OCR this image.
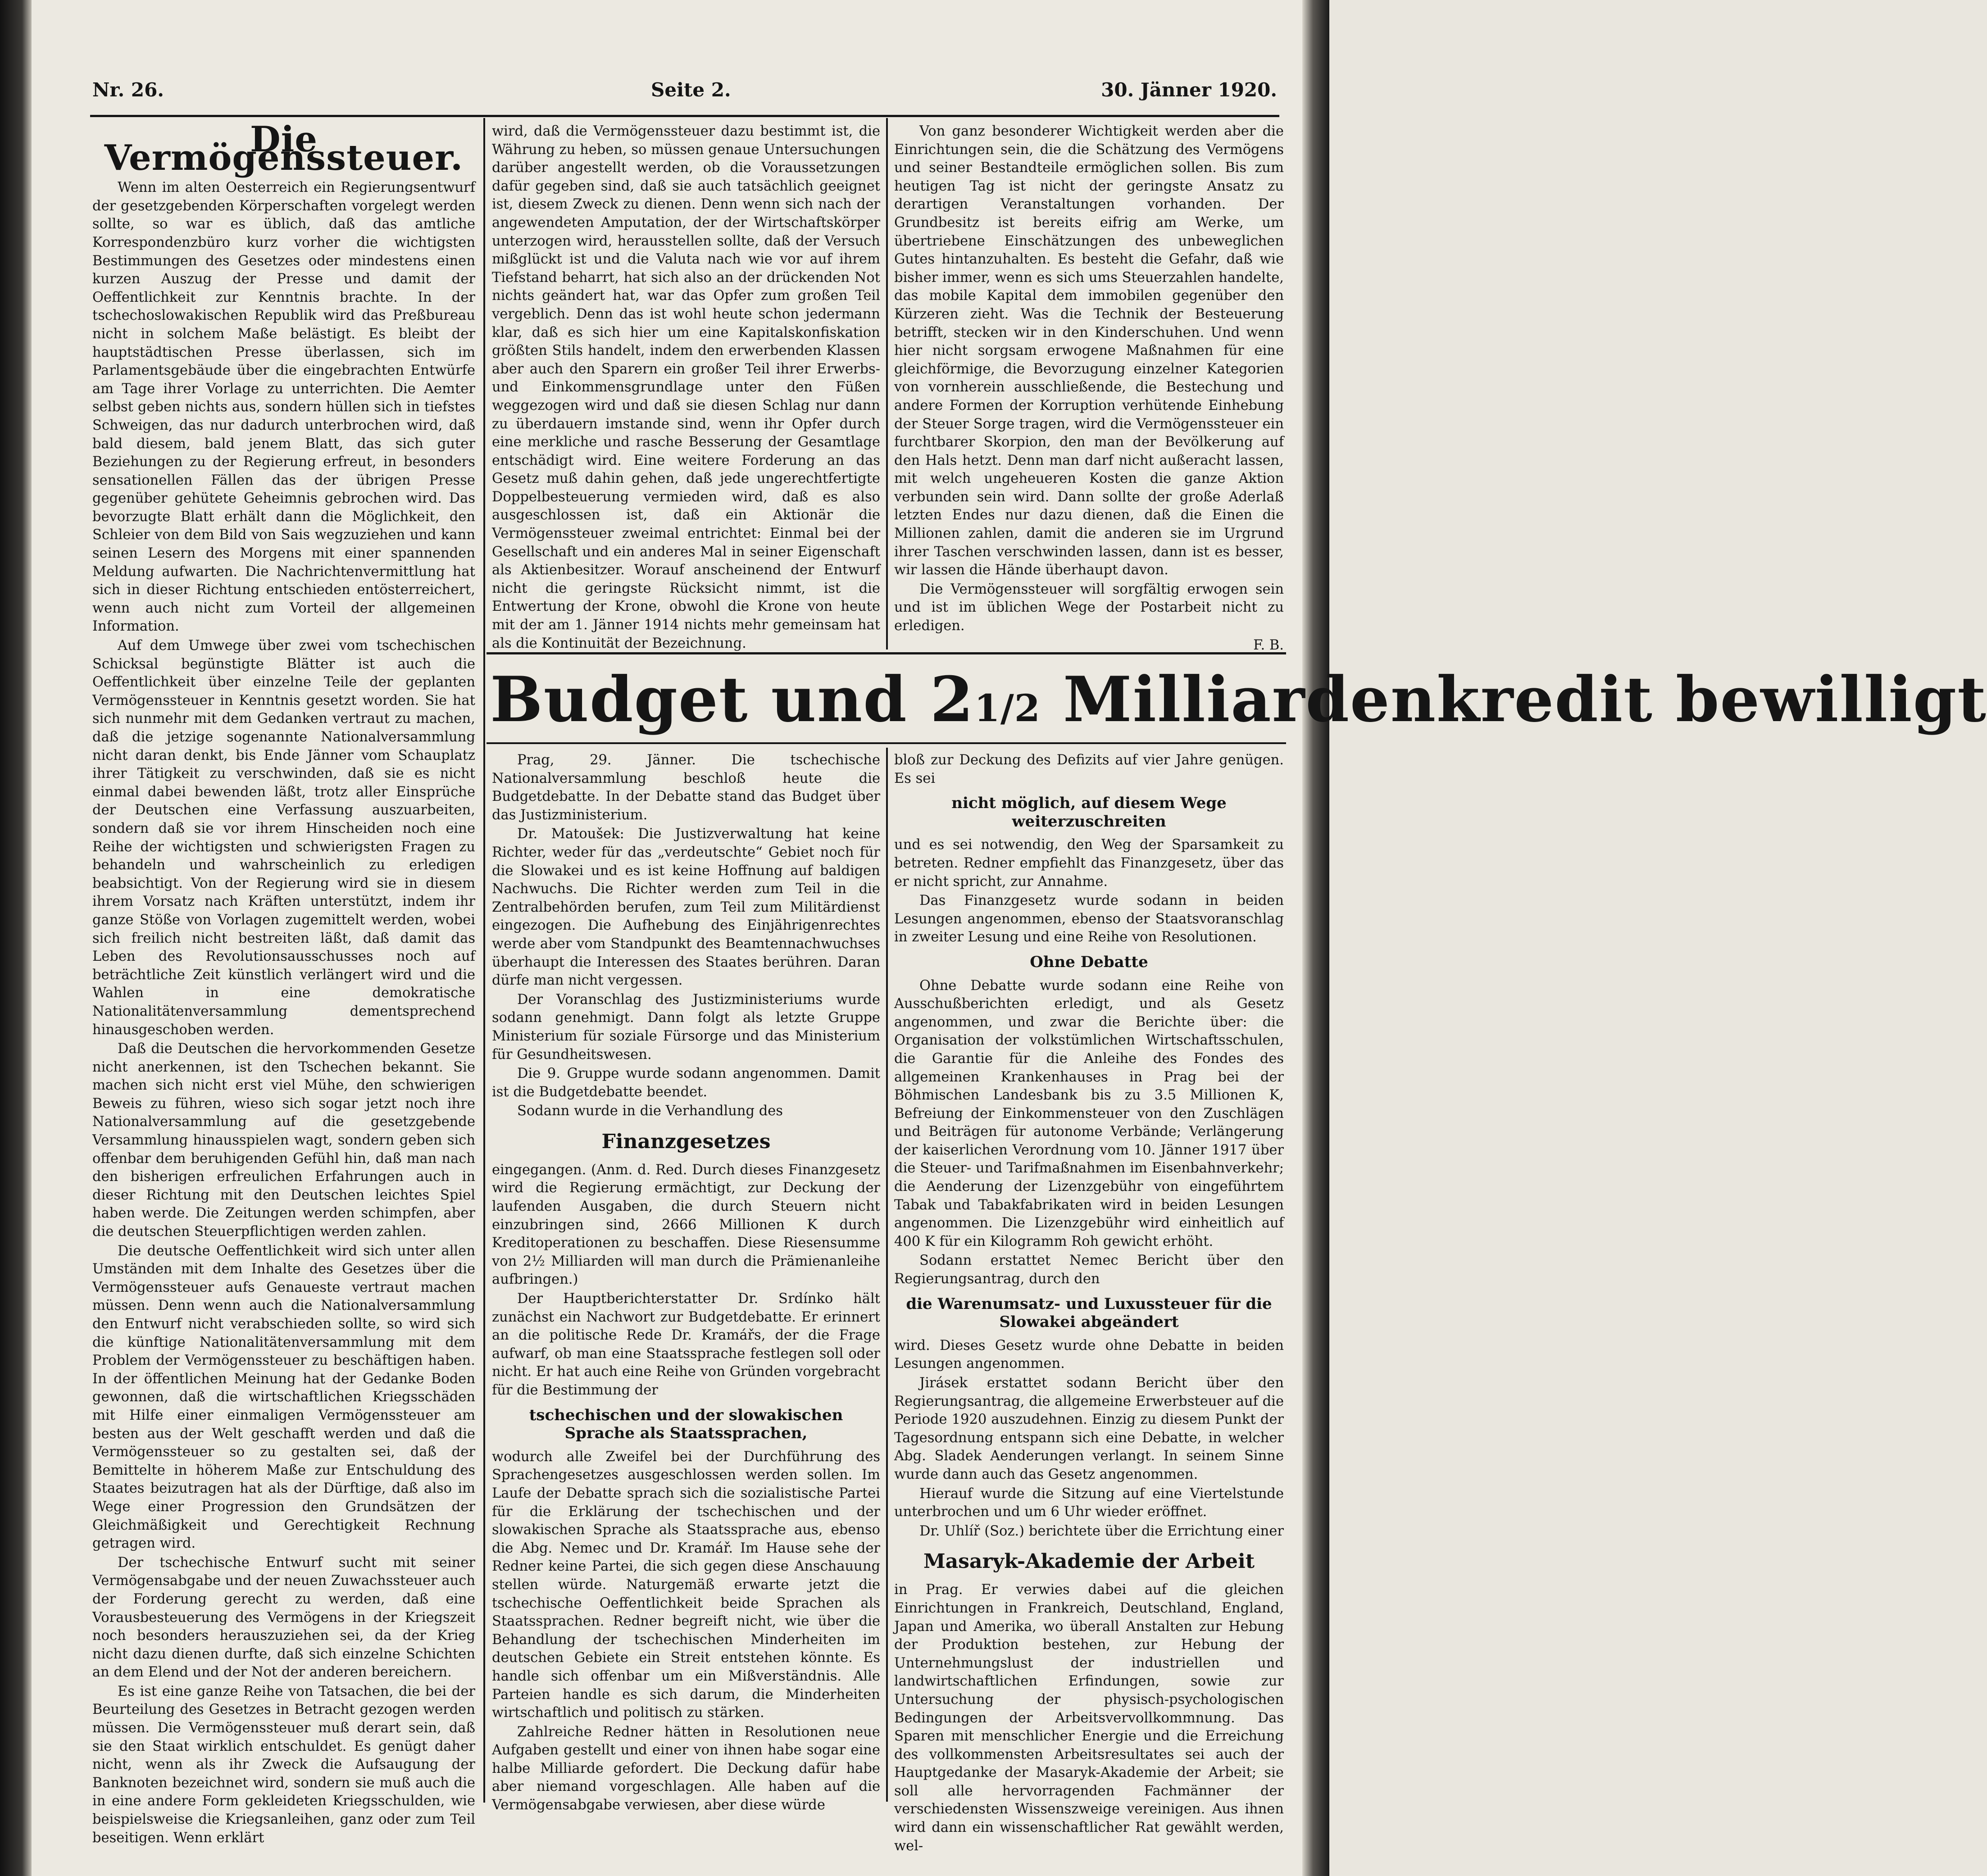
Nr. 26.	Seite 2.	30. Jänner 1920.
Die Vermögenssteuer.

Wenn im alten Oesterreich ein Regierungsentwurf der gesetzgebenden Körperschaften vorgelegt werden sollte, so war es üblich, daß das amtliche Korrespondenzbüro kurz vorher die wichtigsten Bestimmungen des Gesetzes oder mindestens einen kurzen Auszug der Presse und damit der Oeffentlichkeit zur Kenntnis brachte. In der tschechoslowakischen Republik wird das Preßbureau nicht in solchem Maße belästigt. Es bleibt der hauptstädtischen Presse überlassen, sich im Parlamentsgebäude über die eingebrachten Entwürfe am Tage ihrer Vorlage zu unterrichten. Die Aemter selbst geben nichts aus, sondern hüllen sich in tiefstes Schweigen, das nur dadurch unterbrochen wird, daß bald diesem, bald jenem Blatt, das sich guter Beziehungen zu der Regierung erfreut, in besonders sensationellen Fällen das der übrigen Presse gegenüber gehütete Geheimnis gebrochen wird. Das bevorzugte Blatt erhält dann die Möglichkeit, den Schleier von dem Bild von Sais wegzuziehen und kann seinen Lesern des Morgens mit einer spannenden Meldung aufwarten. Die Nachrichtenvermittlung hat sich in dieser Richtung entschieden entösterreichert, wenn auch nicht zum Vorteil der allgemeinen Information.

Auf dem Umwege über zwei vom tschechischen Schicksal begünstigte Blätter ist auch die Oeffentlichkeit über einzelne Teile der geplanten Vermögenssteuer in Kenntnis gesetzt worden. Sie hat sich nunmehr mit dem Gedanken vertraut zu machen, daß die jetzige sogenannte Nationalversammlung nicht daran denkt, bis Ende Jänner vom Schauplatz ihrer Tätigkeit zu verschwinden, daß sie es nicht einmal dabei bewenden läßt, trotz aller Einsprüche der Deutschen eine Verfassung auszuarbeiten, sondern daß sie vor ihrem Hinscheiden noch eine Reihe der wichtigsten und schwierigsten Fragen zu behandeln und wahrscheinlich zu erledigen beabsichtigt. Von der Regierung wird sie in diesem ihrem Vorsatz nach Kräften unterstützt, indem ihr ganze Stöße von Vorlagen zugemittelt werden, wobei sich freilich nicht bestreiten läßt, daß damit das Leben des Revolutionsausschusses noch auf beträchtliche Zeit künstlich verlängert wird und die Wahlen in eine demokratische Nationalitätenversammlung dementsprechend hinausgeschoben werden.

Daß die Deutschen die hervorkommenden Gesetze nicht anerkennen, ist den Tschechen bekannt. Sie machen sich nicht erst viel Mühe, den schwierigen Beweis zu führen, wieso sich sogar jetzt noch ihre Nationalversammlung auf die gesetzgebende Versammlung hinausspielen wagt, sondern geben sich offenbar dem beruhigenden Gefühl hin, daß man nach den bisherigen erfreulichen Erfahrungen auch in dieser Richtung mit den Deutschen leichtes Spiel haben werde. Die Zeitungen werden schimpfen, aber die deutschen Steuerpflichtigen werden zahlen.

Die deutsche Oeffentlichkeit wird sich unter allen Umständen mit dem Inhalte des Gesetzes über die Vermögenssteuer aufs Genaueste vertraut machen müssen. Denn wenn auch die Nationalversammlung den Entwurf nicht verabschieden sollte, so wird sich die künftige Nationalitätenversammlung mit dem Problem der Vermögenssteuer zu beschäftigen haben. In der öffentlichen Meinung hat der Gedanke Boden gewonnen, daß die wirtschaftlichen Kriegsschäden mit Hilfe einer einmaligen Vermögenssteuer am besten aus der Welt geschafft werden und daß die Vermögenssteuer so zu gestalten sei, daß der Bemittelte in höherem Maße zur Entschuldung des Staates beizutragen hat als der Dürftige, daß also im Wege einer Progression den Grundsätzen der Gleichmäßigkeit und Gerechtigkeit Rechnung getragen wird.

Der tschechische Entwurf sucht mit seiner Vermögensabgabe und der neuen Zuwachssteuer auch der Forderung gerecht zu werden, daß eine Vorausbesteuerung des Vermögens in der Kriegszeit noch besonders herauszuziehen sei, da der Krieg nicht dazu dienen durfte, daß sich einzelne Schichten an dem Elend und der Not der anderen bereichern.

Es ist eine ganze Reihe von Tatsachen, die bei der Beurteilung des Gesetzes in Betracht gezogen werden müssen. Die Vermögenssteuer muß derart sein, daß sie den Staat wirklich entschuldet. Es genügt daher nicht, wenn als ihr Zweck die Aufsaugung der Banknoten bezeichnet wird, sondern sie muß auch die in eine andere Form gekleideten Kriegsschulden, wie beispielsweise die Kriegsanleihen, ganz oder zum Teil beseitigen. Wenn erklärt

wird, daß die Vermögenssteuer dazu bestimmt ist, die Währung zu heben, so müssen genaue Untersuchungen darüber angestellt werden, ob die Voraussetzungen dafür gegeben sind, daß sie auch tatsächlich geeignet ist, diesem Zweck zu dienen. Denn wenn sich nach der angewendeten Amputation, der der Wirtschaftskörper unterzogen wird, herausstellen sollte, daß der Versuch mißglückt ist und die Valuta nach wie vor auf ihrem Tiefstand beharrt, hat sich also an der drückenden Not nichts geändert hat, war das Opfer zum großen Teil vergeblich. Denn das ist wohl heute schon jedermann klar, daß es sich hier um eine Kapitalskonfiskation größten Stils handelt, indem den erwerbenden Klassen aber auch den Sparern ein großer Teil ihrer Erwerbs- und Einkommensgrundlage unter den Füßen weggezogen wird und daß sie diesen Schlag nur dann zu überdauern imstande sind, wenn ihr Opfer durch eine merkliche und rasche Besserung der Gesamtlage entschädigt wird. Eine weitere Forderung an das Gesetz muß dahin gehen, daß jede ungerechtfertigte Doppelbesteuerung vermieden wird, daß es also ausgeschlossen ist, daß ein Aktionär die Vermögenssteuer zweimal entrichtet: Einmal bei der Gesellschaft und ein anderes Mal in seiner Eigenschaft als Aktienbesitzer. Worauf anscheinend der Entwurf nicht die geringste Rücksicht nimmt, ist die Entwertung der Krone, obwohl die Krone von heute mit der am 1. Jänner 1914 nichts mehr gemeinsam hat als die Kontinuität der Bezeichnung.

Von ganz besonderer Wichtigkeit werden aber die Einrichtungen sein, die die Schätzung des Vermögens und seiner Bestandteile ermöglichen sollen. Bis zum heutigen Tag ist nicht der geringste Ansatz zu derartigen Veranstaltungen vorhanden. Der Grundbesitz ist bereits eifrig am Werke, um übertriebene Einschätzungen des unbeweglichen Gutes hintanzuhalten. Es besteht die Gefahr, daß wie bisher immer, wenn es sich ums Steuerzahlen handelte, das mobile Kapital dem immobilen gegenüber den Kürzeren zieht. Was die Technik der Besteuerung betrifft, stecken wir in den Kinderschuhen. Und wenn hier nicht sorgsam erwogene Maßnahmen für eine gleichförmige, die Bevorzugung einzelner Kategorien von vornherein ausschließende, die Bestechung und andere Formen der Korruption verhütende Einhebung der Steuer Sorge tragen, wird die Vermögenssteuer ein furchtbarer Skorpion, den man der Bevölkerung auf den Hals hetzt. Denn man darf nicht außeracht lassen, mit welch ungeheueren Kosten die ganze Aktion verbunden sein wird. Dann sollte der große Aderlaß letzten Endes nur dazu dienen, daß die Einen die Millionen zahlen, damit die anderen sie im Urgrund ihrer Taschen verschwinden lassen, dann ist es besser, wir lassen die Hände überhaupt davon.

Die Vermögenssteuer will sorgfältig erwogen sein und ist im üblichen Wege der Postarbeit nicht zu erledigen.

F. B.

Budget und 21/2 Milliardenkredit bewilligt

Prag, 29. Jänner. Die tschechische Nationalversammlung beschloß heute die Budgetdebatte. In der Debatte stand das Budget über das Justizministerium.

Dr. Matoušek: Die Justizverwaltung hat keine Richter, weder für das „verdeutschte“ Gebiet noch für die Slowakei und es ist keine Hoffnung auf baldigen Nachwuchs. Die Richter werden zum Teil in die Zentralbehörden berufen, zum Teil zum Militärdienst eingezogen. Die Aufhebung des Einjährigenrechtes werde aber vom Standpunkt des Beamtennachwuchses überhaupt die Interessen des Staates berühren. Daran dürfe man nicht vergessen.

Der Voranschlag des Justizministeriums wurde sodann genehmigt. Dann folgt als letzte Gruppe Ministerium für soziale Fürsorge und das Ministerium für Gesundheitswesen.

Die 9. Gruppe wurde sodann angenommen. Damit ist die Budgetdebatte beendet.

Sodann wurde in die Verhandlung des

Finanzgesetzes

eingegangen. (Anm. d. Red. Durch dieses Finanzgesetz wird die Regierung ermächtigt, zur Deckung der laufenden Ausgaben, die durch Steuern nicht einzubringen sind, 2666 Millionen K durch Kreditoperationen zu beschaffen. Diese Riesensumme von 2½ Milliarden will man durch die Prämienanleihe aufbringen.)

Der Hauptberichterstatter Dr. Srdínko hält zunächst ein Nachwort zur Budgetdebatte. Er erinnert an die politische Rede Dr. Kramářs, der die Frage aufwarf, ob man eine Staatssprache festlegen soll oder nicht. Er hat auch eine Reihe von Gründen vorgebracht für die Bestimmung der

tschechischen und der slowakischen Sprache als Staatssprachen,

wodurch alle Zweifel bei der Durchführung des Sprachengesetzes ausgeschlossen werden sollen. Im Laufe der Debatte sprach sich die sozialistische Partei für die Erklärung der tschechischen und der slowakischen Sprache als Staatssprache aus, ebenso die Abg. Nemec und Dr. Kramář. Im Hause sehe der Redner keine Partei, die sich gegen diese Anschauung stellen würde. Naturgemäß erwarte jetzt die tschechische Oeffentlichkeit beide Sprachen als Staatssprachen. Redner begreift nicht, wie über die Behandlung der tschechischen Minderheiten im deutschen Gebiete ein Streit entstehen könnte. Es handle sich offenbar um ein Mißverständnis. Alle Parteien handle es sich darum, die Minderheiten wirtschaftlich und politisch zu stärken.

Zahlreiche Redner hätten in Resolutionen neue Aufgaben gestellt und einer von ihnen habe sogar eine halbe Milliarde gefordert. Die Deckung dafür habe aber niemand vorgeschlagen. Alle haben auf die Vermögensabgabe verwiesen, aber diese würde

bloß zur Deckung des Defizits auf vier Jahre genügen. Es sei

nicht möglich, auf diesem Wege weiterzuschreiten

und es sei notwendig, den Weg der Sparsamkeit zu betreten. Redner empfiehlt das Finanzgesetz, über das er nicht spricht, zur Annahme.

Das Finanzgesetz wurde sodann in beiden Lesungen angenommen, ebenso der Staatsvoranschlag in zweiter Lesung und eine Reihe von Resolutionen.

Ohne Debatte

Ohne Debatte wurde sodann eine Reihe von Ausschußberichten erledigt, und als Gesetz angenommen, und zwar die Berichte über: die Organisation der volkstümlichen Wirtschaftsschulen, die Garantie für die Anleihe des Fondes des allgemeinen Krankenhauses in Prag bei der Böhmischen Landesbank bis zu 3.5 Millionen K, Befreiung der Einkommensteuer von den Zuschlägen und Beiträgen für autonome Verbände; Verlängerung der kaiserlichen Verordnung vom 10. Jänner 1917 über die Steuer- und Tarifmaßnahmen im Eisenbahnverkehr; die Aenderung der Lizenzgebühr von eingeführtem Tabak und Tabakfabrikaten wird in beiden Lesungen angenommen. Die Lizenzgebühr wird einheitlich auf 400 K für ein Kilogramm Roh gewicht erhöht.

Sodann erstattet Nemec Bericht über den Regierungsantrag, durch den

die Warenumsatz- und Luxussteuer für die Slowakei abgeändert

wird. Dieses Gesetz wurde ohne Debatte in beiden Lesungen angenommen.

Jirásek erstattet sodann Bericht über den Regierungsantrag, die allgemeine Erwerbsteuer auf die Periode 1920 auszudehnen. Einzig zu diesem Punkt der Tagesordnung entspann sich eine Debatte, in welcher Abg. Sladek Aenderungen verlangt. In seinem Sinne wurde dann auch das Gesetz angenommen.

Hierauf wurde die Sitzung auf eine Viertelstunde unterbrochen und um 6 Uhr wieder eröffnet.

Dr. Uhlíř (Soz.) berichtete über die Errichtung einer

Masaryk-Akademie der Arbeit

in Prag. Er verwies dabei auf die gleichen Einrichtungen in Frankreich, Deutschland, England, Japan und Amerika, wo überall Anstalten zur Hebung der Produktion bestehen, zur Hebung der Unternehmungslust der industriellen und landwirtschaftlichen Erfindungen, sowie zur Untersuchung der physisch-psychologischen Bedingungen der Arbeitsvervollkommnung. Das Sparen mit menschlicher Energie und die Erreichung des vollkommensten Arbeitsresultates sei auch der Hauptgedanke der Masaryk-Akademie der Arbeit; sie soll alle hervorragenden Fachmänner der verschiedensten Wissenszweige vereinigen. Aus ihnen wird dann ein wissenschaftlicher Rat gewählt werden, wel-
